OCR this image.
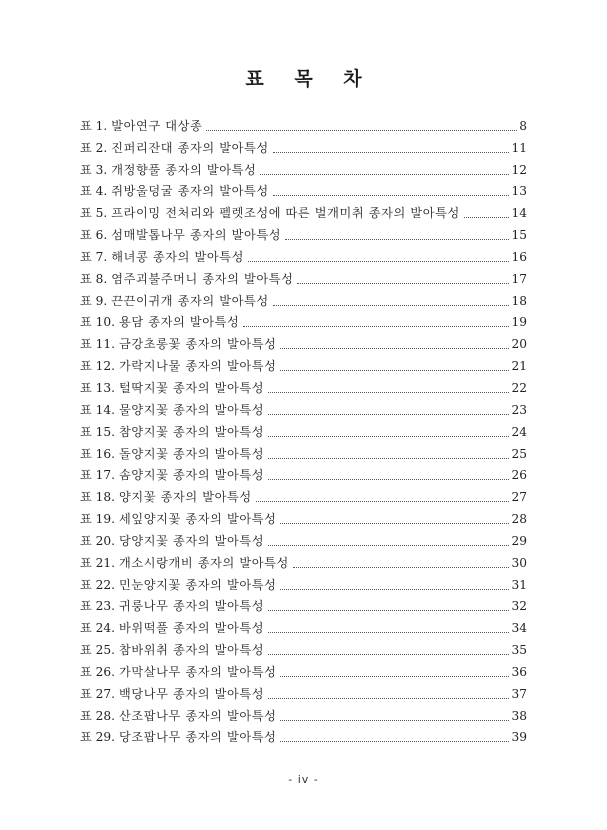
표 목 차
표 1. 발아연구 대상종	8
표 2. 진퍼리잔대 종자의 발아특성	11
표 3. 개정향풀 종자의 발아특성	12
표 4. 쥐방울덩굴 종자의 발아특성	13
표 5. 프라이밍 전처리와 펠렛조성에 따른 벌개미취 종자의 발아특성	14
표 6. 섬매발톱나무 종자의 발아특성	15
표 7. 해녀콩 종자의 발아특성	16
표 8. 염주괴불주머니 종자의 발아특성	17
표 9. 끈끈이귀개 종자의 발아특성	18
표 10. 용담 종자의 발아특성	19
표 11. 금강초롱꽃 종자의 발아특성	20
표 12. 가락지나물 종자의 발아특성	21
표 13. 털딱지꽃 종자의 발아특성	22
표 14. 물양지꽃 종자의 발아특성	23
표 15. 참양지꽃 종자의 발아특성	24
표 16. 돌양지꽃 종자의 발아특성	25
표 17. 솜양지꽃 종자의 발아특성	26
표 18. 양지꽃 종자의 발아특성	27
표 19. 세잎양지꽃 종자의 발아특성	28
표 20. 당양지꽃 종자의 발아특성	29
표 21. 개소시랑개비 종자의 발아특성	30
표 22. 민눈양지꽃 종자의 발아특성	31
표 23. 귀룽나무 종자의 발아특성	32
표 24. 바위떡풀 종자의 발아특성	34
표 25. 참바위취 종자의 발아특성	35
표 26. 가막살나무 종자의 발아특성	36
표 27. 백당나무 종자의 발아특성	37
표 28. 산조팝나무 종자의 발아특성	38
표 29. 당조팝나무 종자의 발아특성	39
- iv -
